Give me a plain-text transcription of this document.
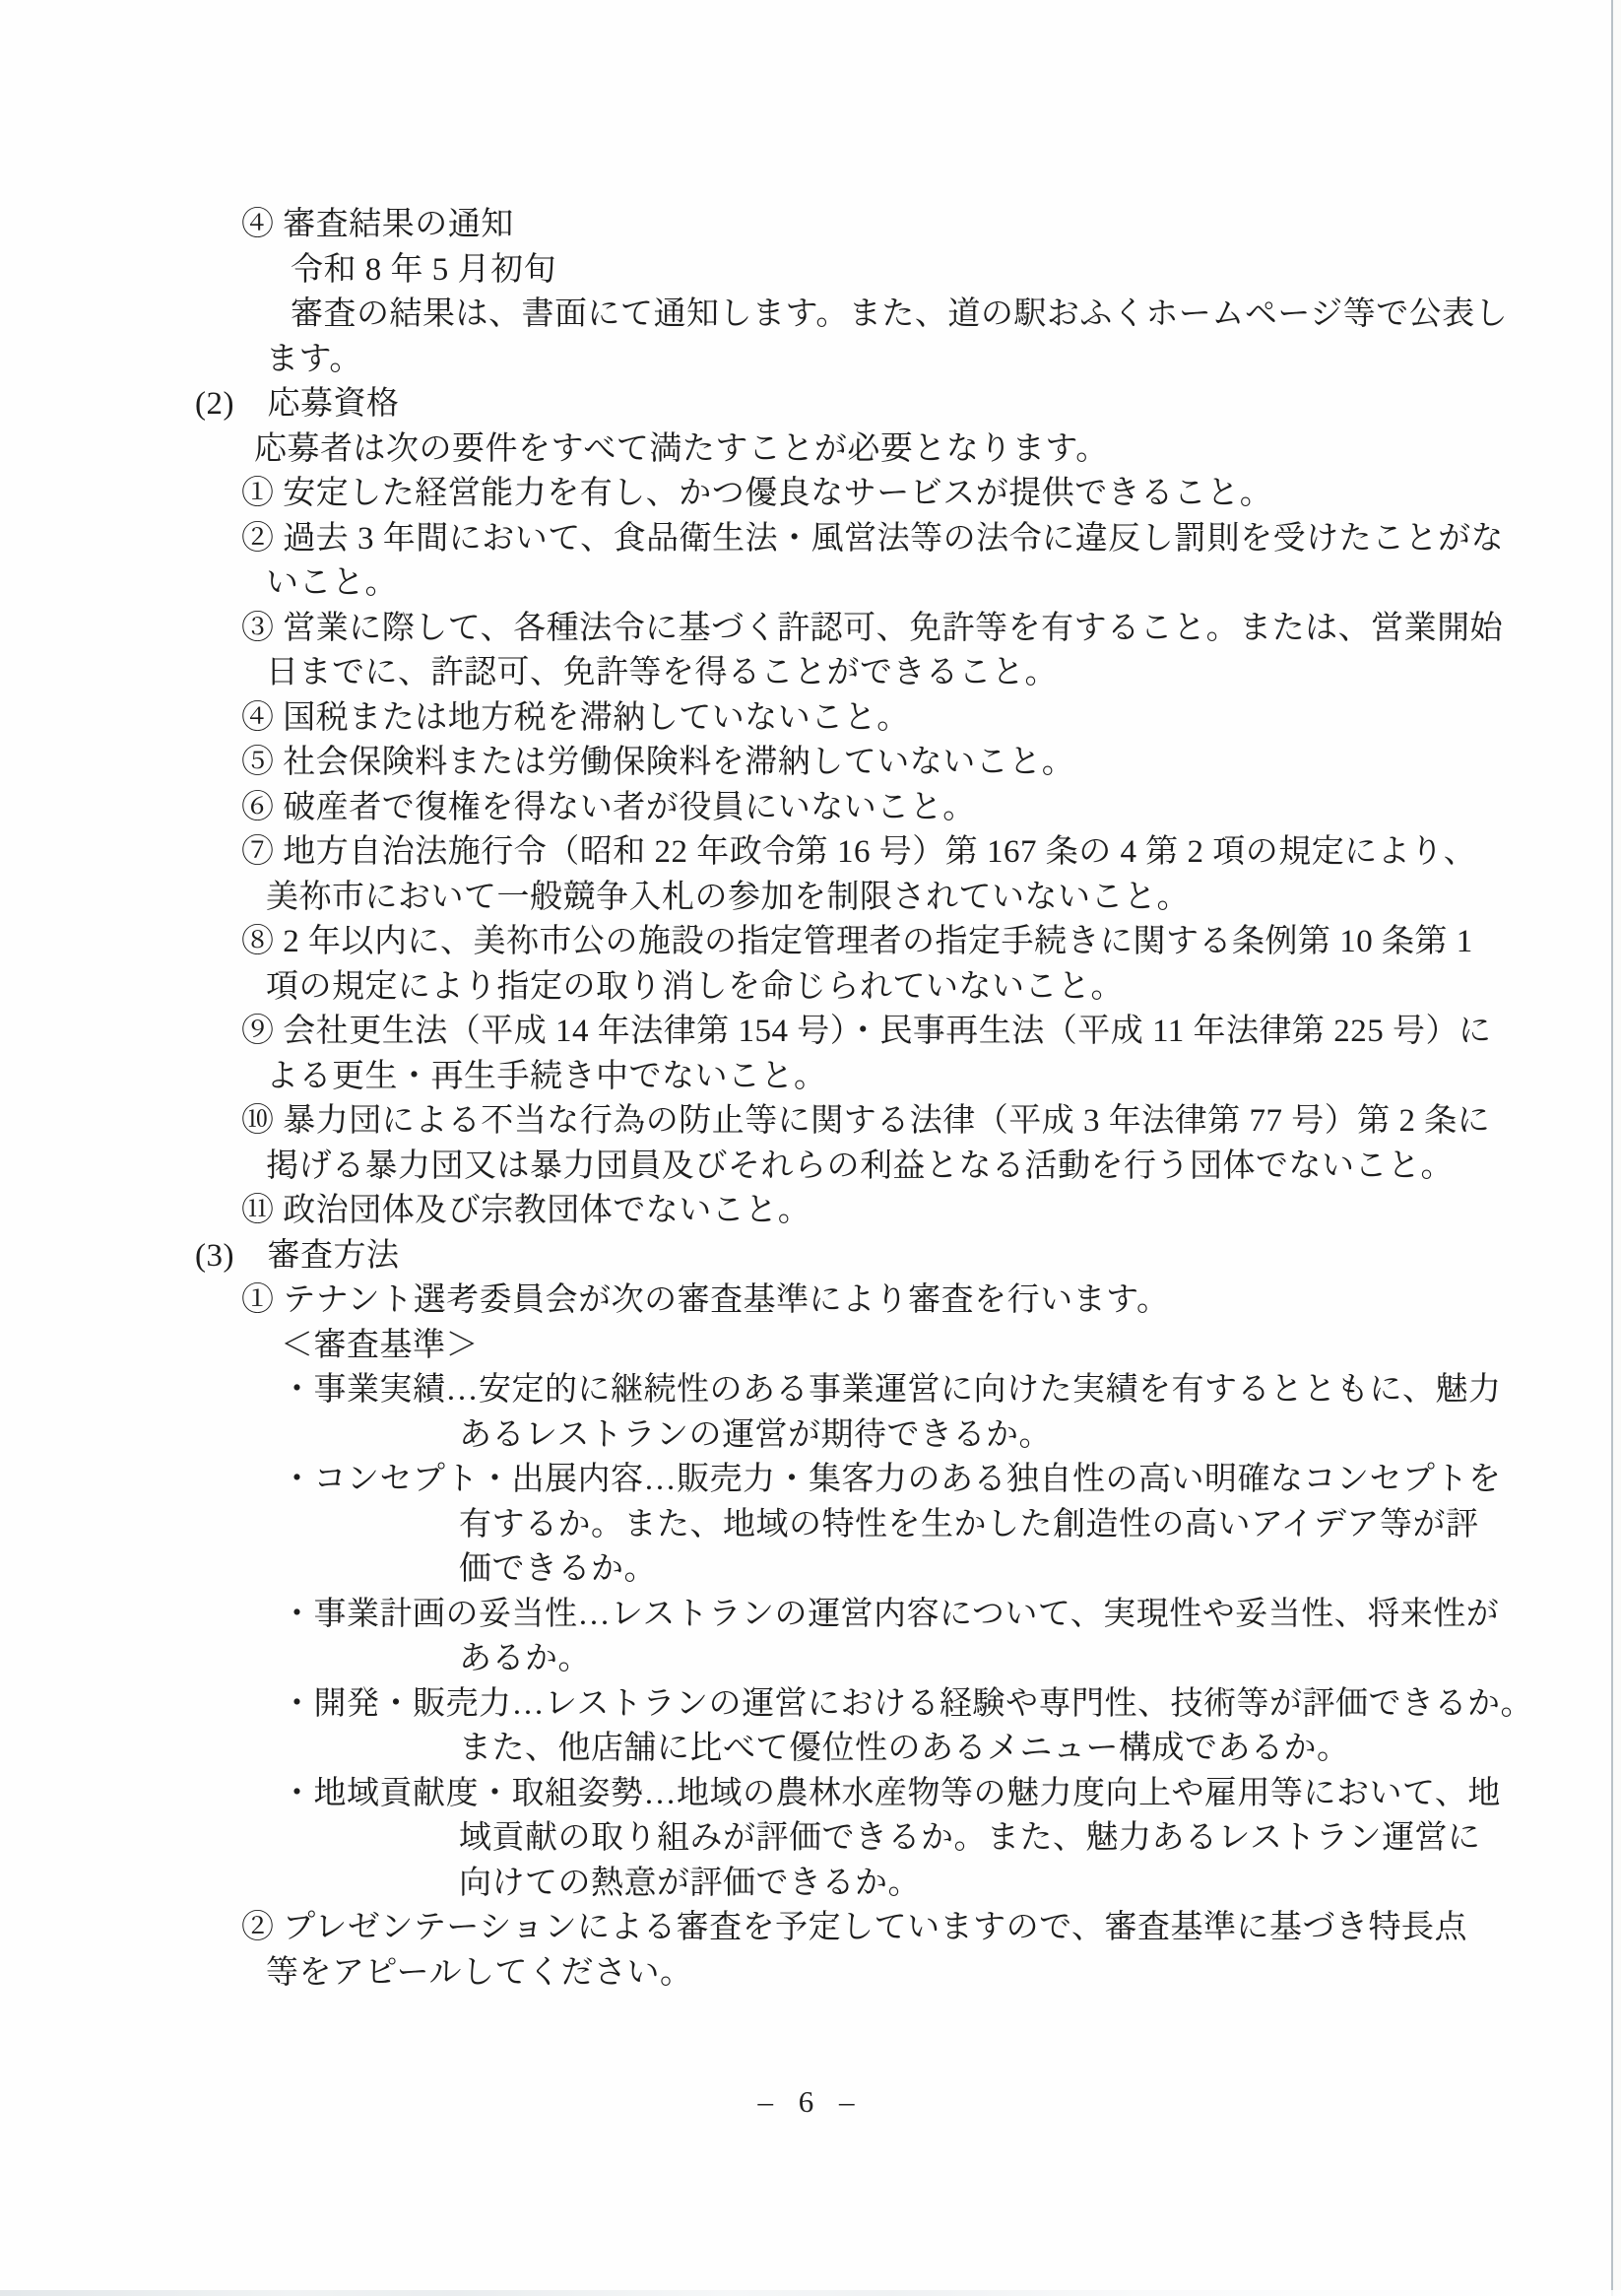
④ 審査結果の通知
令和 8 年 5 月初旬
審査の結果は、書面にて通知します。また、道の駅おふくホームページ等で公表し
ます。
(2)　応募資格
応募者は次の要件をすべて満たすことが必要となります。
① 安定した経営能力を有し、かつ優良なサービスが提供できること。
② 過去 3 年間において、食品衛生法・風営法等の法令に違反し罰則を受けたことがな
いこと。
③ 営業に際して、各種法令に基づく許認可、免許等を有すること。または、営業開始
日までに、許認可、免許等を得ることができること。
④ 国税または地方税を滞納していないこと。
⑤ 社会保険料または労働保険料を滞納していないこと。
⑥ 破産者で復権を得ない者が役員にいないこと。
⑦ 地方自治法施行令（昭和 22 年政令第 16 号）第 167 条の 4 第 2 項の規定により、
美祢市において一般競争入札の参加を制限されていないこと。
⑧ 2 年以内に、美祢市公の施設の指定管理者の指定手続きに関する条例第 10 条第 1
項の規定により指定の取り消しを命じられていないこと。
⑨ 会社更生法（平成 14 年法律第 154 号）・民事再生法（平成 11 年法律第 225 号）に
よる更生・再生手続き中でないこと。
⑩ 暴力団による不当な行為の防止等に関する法律（平成 3 年法律第 77 号）第 2 条に
掲げる暴力団又は暴力団員及びそれらの利益となる活動を行う団体でないこと。
⑪ 政治団体及び宗教団体でないこと。
(3)　審査方法
① テナント選考委員会が次の審査基準により審査を行います。
＜審査基準＞
・事業実績…安定的に継続性のある事業運営に向けた実績を有するとともに、魅力
あるレストランの運営が期待できるか。
・コンセプト・出展内容…販売力・集客力のある独自性の高い明確なコンセプトを
有するか。また、地域の特性を生かした創造性の高いアイデア等が評
価できるか。
・事業計画の妥当性…レストランの運営内容について、実現性や妥当性、将来性が
あるか。
・開発・販売力…レストランの運営における経験や専門性、技術等が評価できるか。
また、他店舗に比べて優位性のあるメニュー構成であるか。
・地域貢献度・取組姿勢…地域の農林水産物等の魅力度向上や雇用等において、地
域貢献の取り組みが評価できるか。また、魅力あるレストラン運営に
向けての熱意が評価できるか。
② プレゼンテーションによる審査を予定していますので、審査基準に基づき特長点
等をアピールしてください。
– 6 –
